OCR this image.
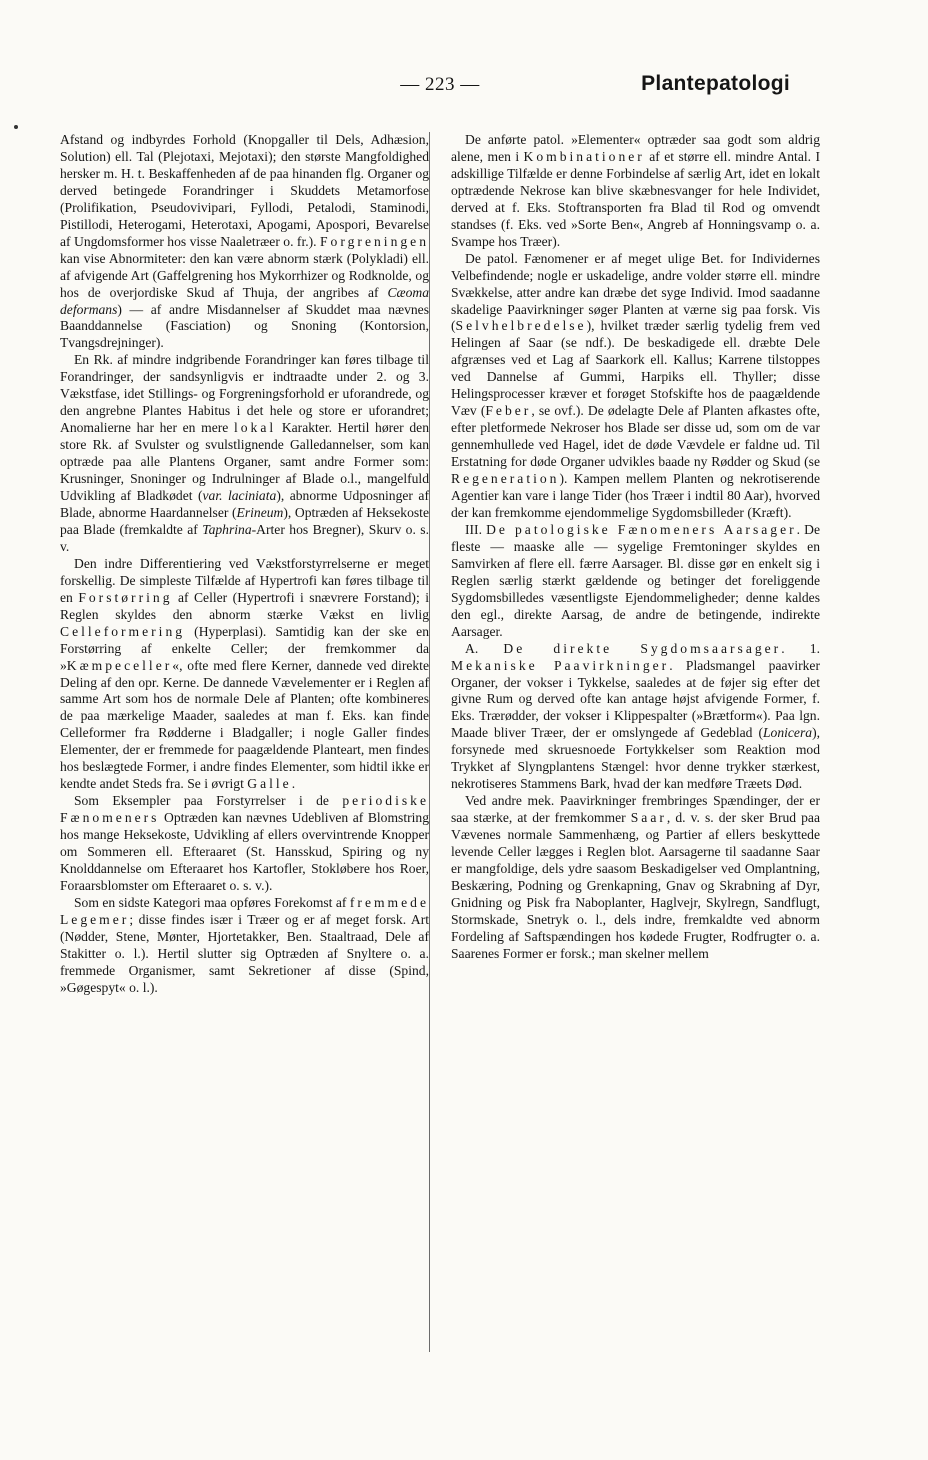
— 223 —	Plantepatologi

Afstand og indbyrdes Forhold (Knopgaller til Dels, Adhæsion, Solution) ell. Tal (Plejotaxi, Mejotaxi); den største Mangfoldighed hersker m. H. t. Beskaffenheden af de paa hinanden flg. Organer og derved betingede Forandringer i Skuddets Metamorfose (Prolifikation, Pseudovivipari, Fyllodi, Petalodi, Staminodi, Pistillodi, Heterogami, Heterotaxi, Apogami, Apospori, Bevarelse af Ungdomsformer hos visse Naaletræer o. fr.). Forgreningen kan vise Abnormiteter: den kan være abnorm stærk (Polykladi) ell. af afvigende Art (Gaffelgrening hos Mykorrhizer og Rodknolde, og hos de overjordiske Skud af Thuja, der angribes af Cæoma deformans) — af andre Misdannelser af Skuddet maa nævnes Baanddannelse (Fasciation) og Snoning (Kontorsion, Tvangsdrejninger).

En Rk. af mindre indgribende Forandringer kan føres tilbage til Forandringer, der sandsynligvis er indtraadte under 2. og 3. Vækstfase, idet Stillings- og Forgreningsforhold er uforandrede, og den angrebne Plantes Habitus i det hele og store er uforandret; Anomalierne har her en mere lokal Karakter. Hertil hører den store Rk. af Svulster og svulstlignende Galledannelser, som kan optræde paa alle Plantens Organer, samt andre Former som: Krusninger, Snoninger og Indrulninger af Blade o.l., mangelfuld Udvikling af Bladkødet (var. laciniata), abnorme Udposninger af Blade, abnorme Haardannelser (Erineum), Optræden af Heksekoste paa Blade (fremkaldte af Taphrina-Arter hos Bregner), Skurv o. s. v.

Den indre Differentiering ved Vækstforstyrrelserne er meget forskellig. De simpleste Tilfælde af Hypertrofi kan føres tilbage til en Forstørring af Celler (Hypertrofi i snævrere Forstand); i Reglen skyldes den abnorm stærke Vækst en livlig Celleformering (Hyperplasi). Samtidig kan der ske en Forstørring af enkelte Celler; der fremkommer da »Kæmpeceller«, ofte med flere Kerner, dannede ved direkte Deling af den opr. Kerne. De dannede Vævelementer er i Reglen af samme Art som hos de normale Dele af Planten; ofte kombineres de paa mærkelige Maader, saaledes at man f. Eks. kan finde Celleformer fra Rødderne i Bladgaller; i nogle Galler findes Elementer, der er fremmede for paagældende Planteart, men findes hos beslægtede Former, i andre findes Elementer, som hidtil ikke er kendte andet Steds fra. Se i øvrigt Galle.

Som Eksempler paa Forstyrrelser i de periodiske Fænomeners Optræden kan nævnes Udebliven af Blomstring hos mange Heksekoste, Udvikling af ellers overvintrende Knopper om Sommeren ell. Efteraaret (St. Hansskud, Spiring og ny Knolddannelse om Efteraaret hos Kartofler, Stokløbere hos Roer, Foraarsblomster om Efteraaret o. s. v.).

Som en sidste Kategori maa opføres Forekomst af fremmede Legemer; disse findes især i Træer og er af meget forsk. Art (Nødder, Stene, Mønter, Hjortetakker, Ben. Staaltraad, Dele af Stakitter o. l.). Hertil slutter sig Optræden af Snyltere o. a. fremmede Organismer, samt Sekretioner af disse (Spind, »Gøgespyt« o. l.).

De anførte patol. »Elementer« optræder saa godt som aldrig alene, men i Kombinationer af et større ell. mindre Antal. I adskillige Tilfælde er denne Forbindelse af særlig Art, idet en lokalt optrædende Nekrose kan blive skæbnesvanger for hele Individet, derved at f. Eks. Stoftransporten fra Blad til Rod og omvendt standses (f. Eks. ved »Sorte Ben«, Angreb af Honningsvamp o. a. Svampe hos Træer).

De patol. Fænomener er af meget ulige Bet. for Individernes Velbefindende; nogle er uskadelige, andre volder større ell. mindre Svækkelse, atter andre kan dræbe det syge Individ. Imod saadanne skadelige Paavirkninger søger Planten at værne sig paa forsk. Vis (Selvhelbredelse), hvilket træder særlig tydelig frem ved Helingen af Saar (se ndf.). De beskadigede ell. dræbte Dele afgrænses ved et Lag af Saarkork ell. Kallus; Karrene tilstoppes ved Dannelse af Gummi, Harpiks ell. Thyller; disse Helingsprocesser kræver et forøget Stofskifte hos de paagældende Væv (Feber, se ovf.). De ødelagte Dele af Planten afkastes ofte, efter pletformede Nekroser hos Blade ser disse ud, som om de var gennemhullede ved Hagel, idet de døde Vævdele er faldne ud. Til Erstatning for døde Organer udvikles baade ny Rødder og Skud (se Regeneration). Kampen mellem Planten og nekrotiserende Agentier kan vare i lange Tider (hos Træer i indtil 80 Aar), hvorved der kan fremkomme ejendommelige Sygdomsbilleder (Kræft).

III. De patologiske Fænomeners Aarsager. De fleste — maaske alle — sygelige Fremtoninger skyldes en Samvirken af flere ell. færre Aarsager. Bl. disse gør en enkelt sig i Reglen særlig stærkt gældende og betinger det foreliggende Sygdomsbilledes væsentligste Ejendommeligheder; denne kaldes den egl., direkte Aarsag, de andre de betingende, indirekte Aarsager.

A. De direkte Sygdomsaarsager. 1. Mekaniske Paavirkninger. Pladsmangel paavirker Organer, der vokser i Tykkelse, saaledes at de føjer sig efter det givne Rum og derved ofte kan antage højst afvigende Former, f. Eks. Trærødder, der vokser i Klippespalter (»Brætform«). Paa lgn. Maade bliver Træer, der er omslyngede af Gedeblad (Lonicera), forsynede med skruesnoede Fortykkelser som Reaktion mod Trykket af Slyngplantens Stængel: hvor denne trykker stærkest, nekrotiseres Stammens Bark, hvad der kan medføre Træets Død.

Ved andre mek. Paavirkninger frembringes Spændinger, der er saa stærke, at der fremkommer Saar, d. v. s. der sker Brud paa Vævenes normale Sammenhæng, og Partier af ellers beskyttede levende Celler lægges i Reglen blot. Aarsagerne til saadanne Saar er mangfoldige, dels ydre saasom Beskadigelser ved Omplantning, Beskæring, Podning og Grenkapning, Gnav og Skrabning af Dyr, Gnidning og Pisk fra Naboplanter, Haglvejr, Skylregn, Sandflugt, Stormskade, Snetryk o. l., dels indre, fremkaldte ved abnorm Fordeling af Saftspændingen hos kødede Frugter, Rodfrugter o. a. Saarenes Former er forsk.; man skelner mellem
